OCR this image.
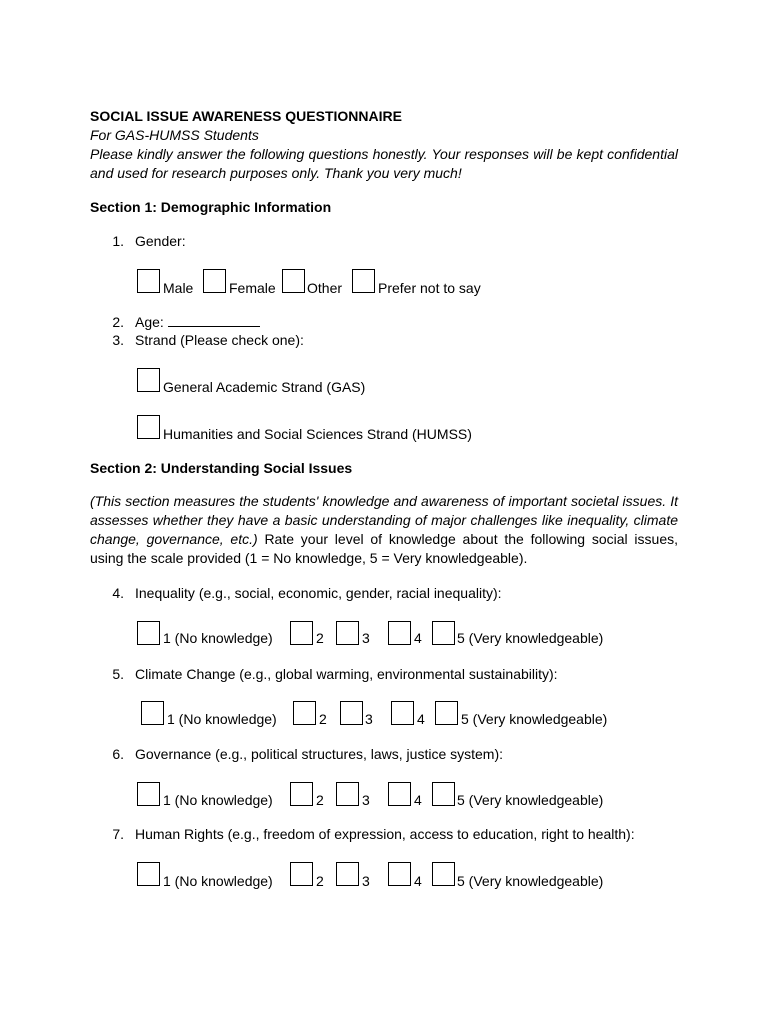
SOCIAL ISSUE AWARENESS QUESTIONNAIRE
For GAS-HUMSS Students
Please kindly answer the following questions honestly. Your responses will be kept confidential and used for research purposes only. Thank you very much!
Section 1: Demographic Information
1. Gender:
Male	Female Other	Prefer not to say
2. Age:
3. Strand (Please check one):
General Academic Strand (GAS)
Humanities and Social Sciences Strand (HUMSS)
Section 2: Understanding Social Issues
(This section measures the students' knowledge and awareness of important societal issues. It assesses whether they have a basic understanding of major challenges like inequality, climate change, governance, etc.) Rate your level of knowledge about the following social issues, using the scale provided (1 = No knowledge, 5 = Very knowledgeable).
4. Inequality (e.g., social, economic, gender, racial inequality):
1 (No knowledge)	2	3	4	5 (Very knowledgeable)
5. Climate Change (e.g., global warming, environmental sustainability):
1 (No knowledge)	2	3	4	5 (Very knowledgeable)
6. Governance (e.g., political structures, laws, justice system):
1 (No knowledge)	2	3	4	5 (Very knowledgeable)
7. Human Rights (e.g., freedom of expression, access to education, right to health):
1 (No knowledge)	2	3	4	5 (Very knowledgeable)
